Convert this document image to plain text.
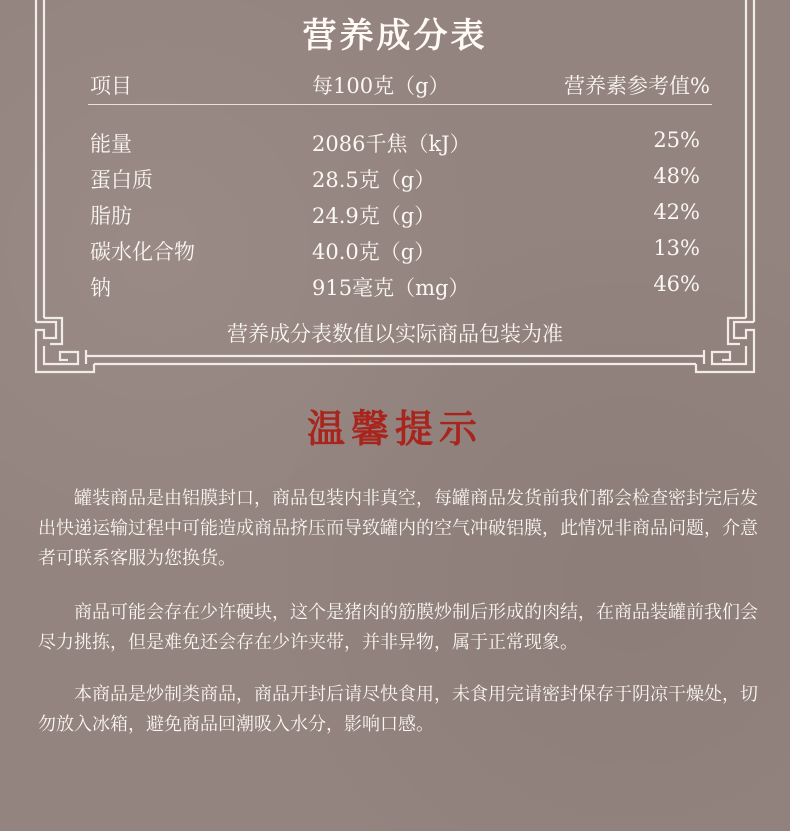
营养成分表
项目	每100克（g）	营养素参考值%
能量	2086千焦（kJ）	25%
蛋白质	28.5克（g）	48%
脂肪	24.9克（g）	42%
碳水化合物	40.0克（g）	13%
钠	915毫克（mg）	46%
营养成分表数值以实际商品包装为准
温馨提示

罐装商品是由铝膜封口，商品包装内非真空，每罐商品发货前我们都会检查密封完后发出快递运输过程中可能造成商品挤压而导致罐内的空气冲破铝膜，此情况非商品问题，介意者可联系客服为您换货。

商品可能会存在少许硬块，这个是猪肉的筋膜炒制后形成的肉结，在商品装罐前我们会尽力挑拣，但是难免还会存在少许夹带，并非异物，属于正常现象。

本商品是炒制类商品，商品开封后请尽快食用，未食用完请密封保存于阴凉干燥处，切勿放入冰箱，避免商品回潮吸入水分，影响口感。
